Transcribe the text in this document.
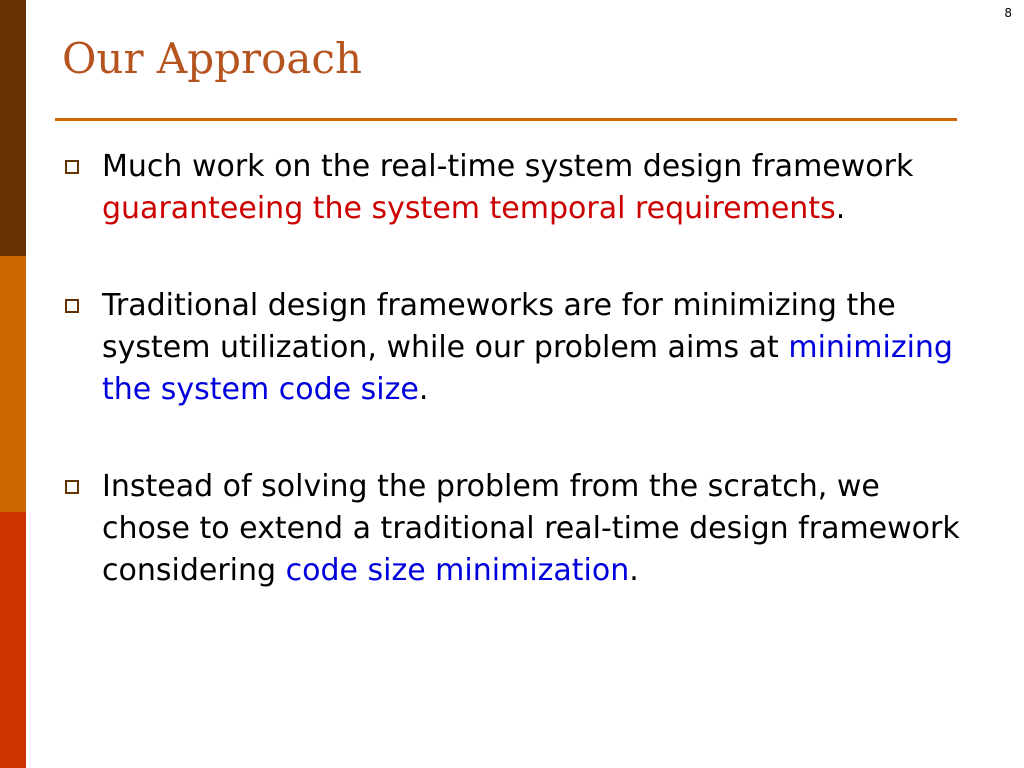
8
Our Approach
Much work on the real-time system design framework guaranteeing the system temporal requirements.
Traditional design frameworks are for minimizing the system utilization, while our problem aims at minimizing the system code size.
Instead of solving the problem from the scratch, we chose to extend a traditional real-time design framework considering code size minimization.
